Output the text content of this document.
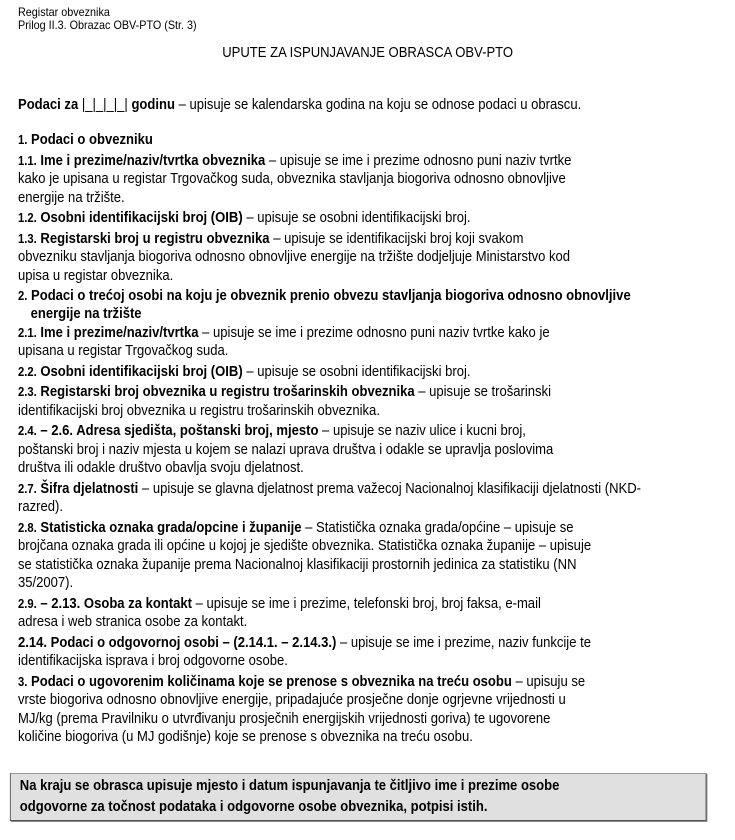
Registar obveznika
Prilog II.3. Obrazac OBV-PTO (Str. 3)
UPUTE ZA ISPUNJAVANJE OBRASCA OBV-PTO
Podaci za |_|_|_|_| godinu – upisuje se kalendarska godina na koju se odnose podaci u obrascu.
1. Podaci o obvezniku
1.1. Ime i prezime/naziv/tvrtka obveznika – upisuje se ime i prezime odnosno puni naziv tvrtke
kako je upisana u registar Trgovačkog suda, obveznika stavljanja biogoriva odnosno obnovljive
energije na tržište.
1.2. Osobni identifikacijski broj (OIB) – upisuje se osobni identifikacijski broj.
1.3. Registarski broj u registru obveznika – upisuje se identifikacijski broj koji svakom
obvezniku stavljanja biogoriva odnosno obnovljive energije na tržište dodjeljuje Ministarstvo kod
upisa u registar obveznika.
2. Podaci o trećoj osobi na koju je obveznik prenio obvezu stavljanja biogoriva odnosno obnovljive
energije na tržište
2.1. Ime i prezime/naziv/tvrtka – upisuje se ime i prezime odnosno puni naziv tvrtke kako je
upisana u registar Trgovačkog suda.
2.2. Osobni identifikacijski broj (OIB) – upisuje se osobni identifikacijski broj.
2.3. Registarski broj obveznika u registru trošarinskih obveznika – upisuje se trošarinski
identifikacijski broj obveznika u registru trošarinskih obveznika.
2.4. – 2.6. Adresa sjedišta, poštanski broj, mjesto – upisuje se naziv ulice i kucni broj,
poštanski broj i naziv mjesta u kojem se nalazi uprava društva i odakle se upravlja poslovima
društva ili odakle društvo obavlja svoju djelatnost.
2.7. Šifra djelatnosti – upisuje se glavna djelatnost prema važecoj Nacionalnoj klasifikaciji djelatnosti (NKD-
razred).
2.8. Statisticka oznaka grada/opcine i županije – Statistička oznaka grada/općine – upisuje se
brojčana oznaka grada ili općine u kojoj je sjedište obveznika. Statistička oznaka županije – upisuje
se statistička oznaka županije prema Nacionalnoj klasifikaciji prostornih jedinica za statistiku (NN
35/2007).
2.9. – 2.13. Osoba za kontakt – upisuje se ime i prezime, telefonski broj, broj faksa, e-mail
adresa i web stranica osobe za kontakt.
2.14. Podaci o odgovornoj osobi – (2.14.1. – 2.14.3.) – upisuje se ime i prezime, naziv funkcije te
identifikacijska isprava i broj odgovorne osobe.
3. Podaci o ugovorenim količinama koje se prenose s obveznika na treću osobu – upisuju se
vrste biogoriva odnosno obnovljive energije, pripadajuće prosječne donje ogrjevne vrijednosti u
MJ/kg (prema Pravilniku o utvrđivanju prosječnih energijskih vrijednosti goriva) te ugovorene
količine biogoriva (u MJ godišnje) koje se prenose s obveznika na treću osobu.
Na kraju se obrasca upisuje mjesto i datum ispunjavanja te čitljivo ime i prezime osobe
odgovorne za točnost podataka i odgovorne osobe obveznika, potpisi istih.
